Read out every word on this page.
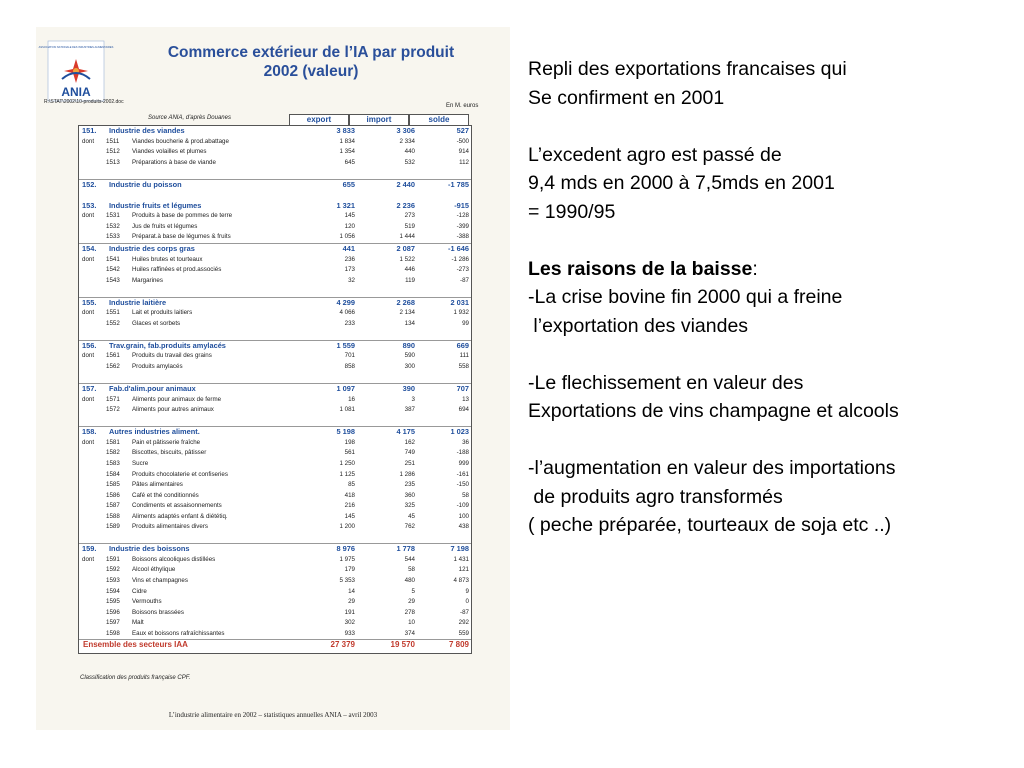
ASSOCIATION NATIONALE DES INDUSTRIES ALIMENTAIRES
ANIA
Commerce extérieur de l’IA par produit
2002 (valeur)
R:\STAT\2002\10-produits-2002.doc
En M. euros
Source ANIA, d'après Douanes	export	import	solde
151. Industrie des viandes	3 833	3 306	527
dont 1511 Viandes boucherie & prod.abattage	1 834	2 334	-500
1512 Viandes volailles et plumes	1 354	440	914
1513 Préparations à base de viande	645	532	112
152. Industrie du poisson	655	2 440	-1 785
153. Industrie fruits et légumes	1 321	2 236	-915
dont 1531 Produits à base de pommes de terre	145	273	-128
1532 Jus de fruits et légumes	120	519	-399
1533 Préparat.à base de légumes & fruits	1 056	1 444	-388
154. Industrie des corps gras	441	2 087	-1 646
dont 1541 Huiles brutes et tourteaux	236	1 522	-1 286
1542 Huiles raffinées et prod.associés	173	446	-273
1543 Margarines	32	119	-87
155. Industrie laitière	4 299	2 268	2 031
dont 1551 Lait et produits laitiers	4 066	2 134	1 932
1552 Glaces et sorbets	233	134	99
156. Trav.grain, fab.produits amylacés	1 559	890	669
dont 1561 Produits du travail des grains	701	590	111
1562 Produits amylacés	858	300	558
157. Fab.d'alim.pour animaux	1 097	390	707
dont 1571 Aliments pour animaux de ferme	16	3	13
1572 Aliments pour autres animaux	1 081	387	694
158. Autres industries aliment.	5 198	4 175	1 023
dont 1581 Pain et pâtisserie fraîche	198	162	36
1582 Biscottes, biscuits, pâtisser	561	749	-188
1583 Sucre	1 250	251	999
1584 Produits chocolaterie et confiseries	1 125	1 286	-161
1585 Pâtes alimentaires	85	235	-150
1586 Café et thé conditionnés	418	360	58
1587 Condiments et assaisonnements	216	325	-109
1588 Aliments adaptés enfant & diététiq.	145	45	100
1589 Produits alimentaires divers	1 200	762	438
159. Industrie des boissons	8 976	1 778	7 198
dont 1591 Boissons alcooliques distillées	1 975	544	1 431
1592 Alcool éthylique	179	58	121
1593 Vins et champagnes	5 353	480	4 873
1594 Cidre	14	5	9
1595 Vermouths	29	29	0
1596 Boissons brassées	191	278	-87
1597 Malt	302	10	292
1598 Eaux et boissons rafraîchissantes	933	374	559
Ensemble des secteurs IAA	27 379	19 570	7 809
Classification des produits française CPF.
L’industrie alimentaire en 2002 – statistiques annuelles ANIA – avril 2003

Repli des exportations francaises qui

Se confirment en 2001

L’excedent agro est passé de

9,4 mds en 2000 à 7,5mds en 2001

= 1990/95

Les raisons de la baisse:

-La crise bovine fin 2000 qui a freine

l’exportation des viandes

-Le flechissement en valeur des

Exportations de vins champagne et alcools

-l’augmentation en valeur des importations

de produits agro transformés

( peche préparée, tourteaux de soja etc ..)
